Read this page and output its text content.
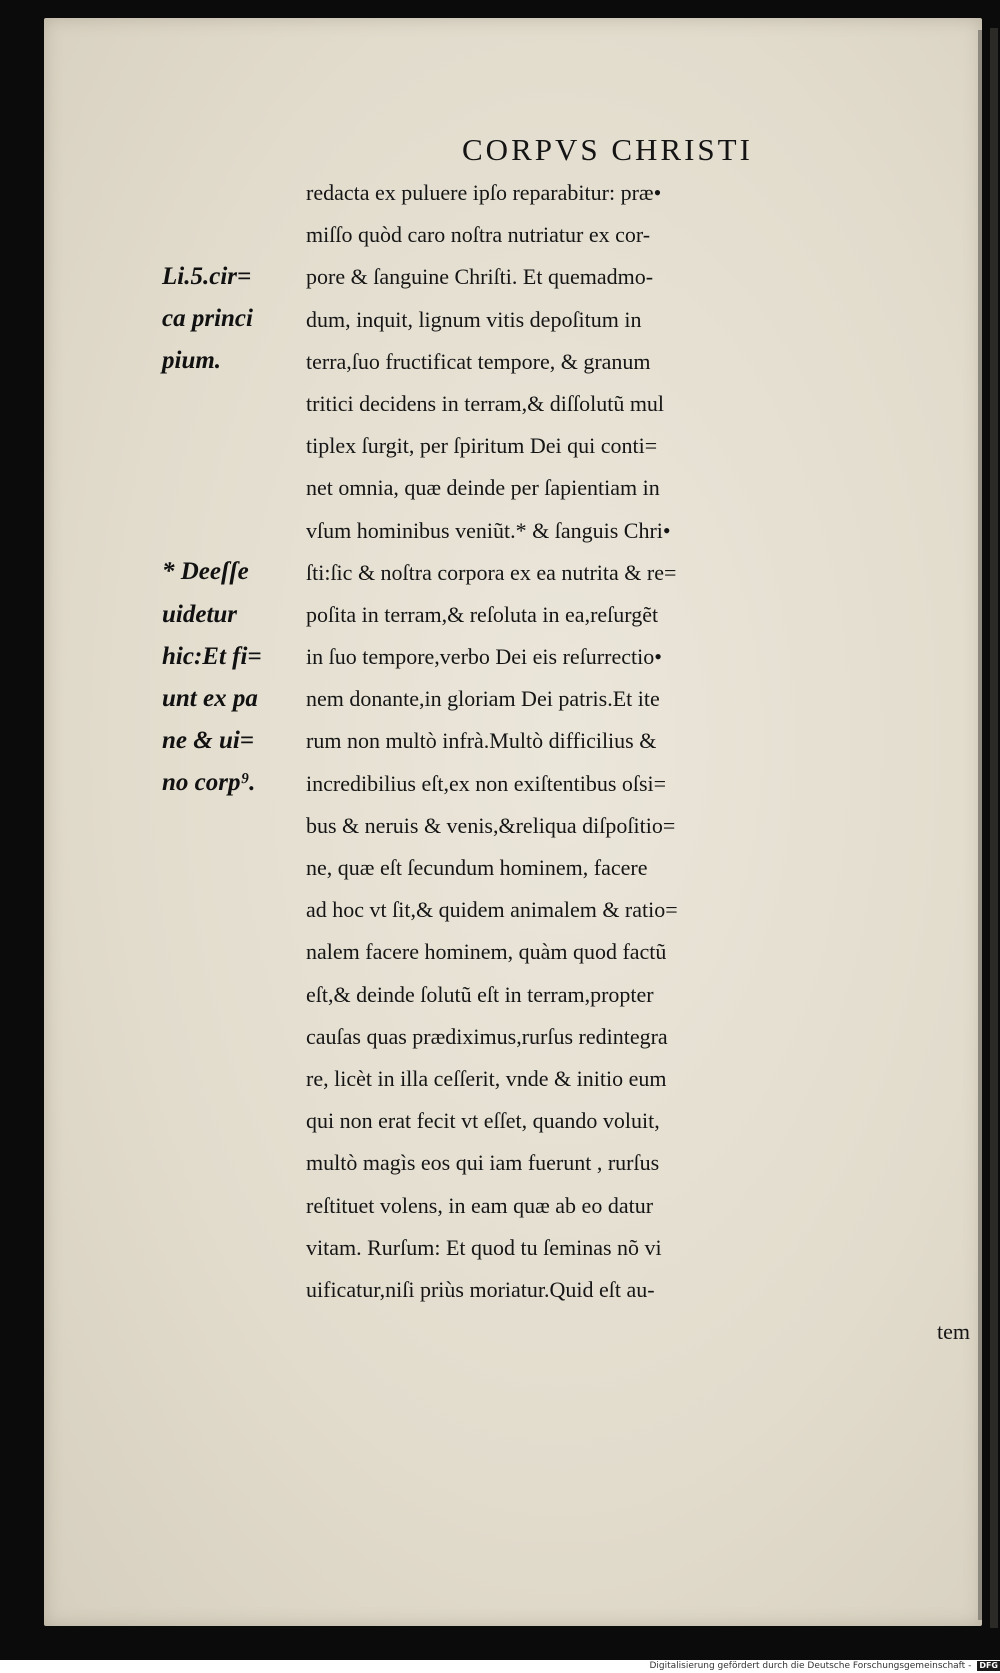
CORPVS CHRISTI
Li.5.cir=
ca princi
pium.
* Deeſſe
uidetur
hic:Et fi=
unt ex pa
ne & ui=
no corp⁹.
redacta ex puluere ipſo reparabitur: præ•
miſſo quòd caro noſtra nutriatur ex cor-
pore & ſanguine Chriſti. Et quemadmo-
dum, inquit, lignum vitis depoſitum in
terra,ſuo fructificat tempore, & granum
tritici decidens in terram,& diſſolutũ mul
tiplex ſurgit, per ſpiritum Dei qui conti=
net omnia, quæ deinde per ſapientiam in
vſum hominibus veniũt.* & ſanguis Chri•
ſti:ſic & noſtra corpora ex ea nutrita & re=
poſita in terram,& reſoluta in ea,reſurgẽt
in ſuo tempore,verbo Dei eis reſurrectio•
nem donante,in gloriam Dei patris.Et ite
rum non multò infrà.Multò difficilius &
incredibilius eſt,ex non exiſtentibus oſsi=
bus & neruis & venis,&reliqua diſpoſitio=
ne, quæ eſt ſecundum hominem, facere
ad hoc vt ſit,& quidem animalem & ratio=
nalem facere hominem, quàm quod factũ
eſt,& deinde ſolutũ eſt in terram,propter
cauſas quas prædiximus,rurſus redintegra
re, licèt in illa ceſſerit, vnde & initio eum
qui non erat fecit vt eſſet, quando voluit,
multò magìs eos qui iam fuerunt , rurſus
reſtituet volens, in eam quæ ab eo datur
vitam. Rurſum: Et quod tu ſeminas nõ vi
uificatur,niſi priùs moriatur.Quid eſt au-
tem
Digitalisierung gefördert durch die Deutsche Forschungsgemeinschaft - DFG
